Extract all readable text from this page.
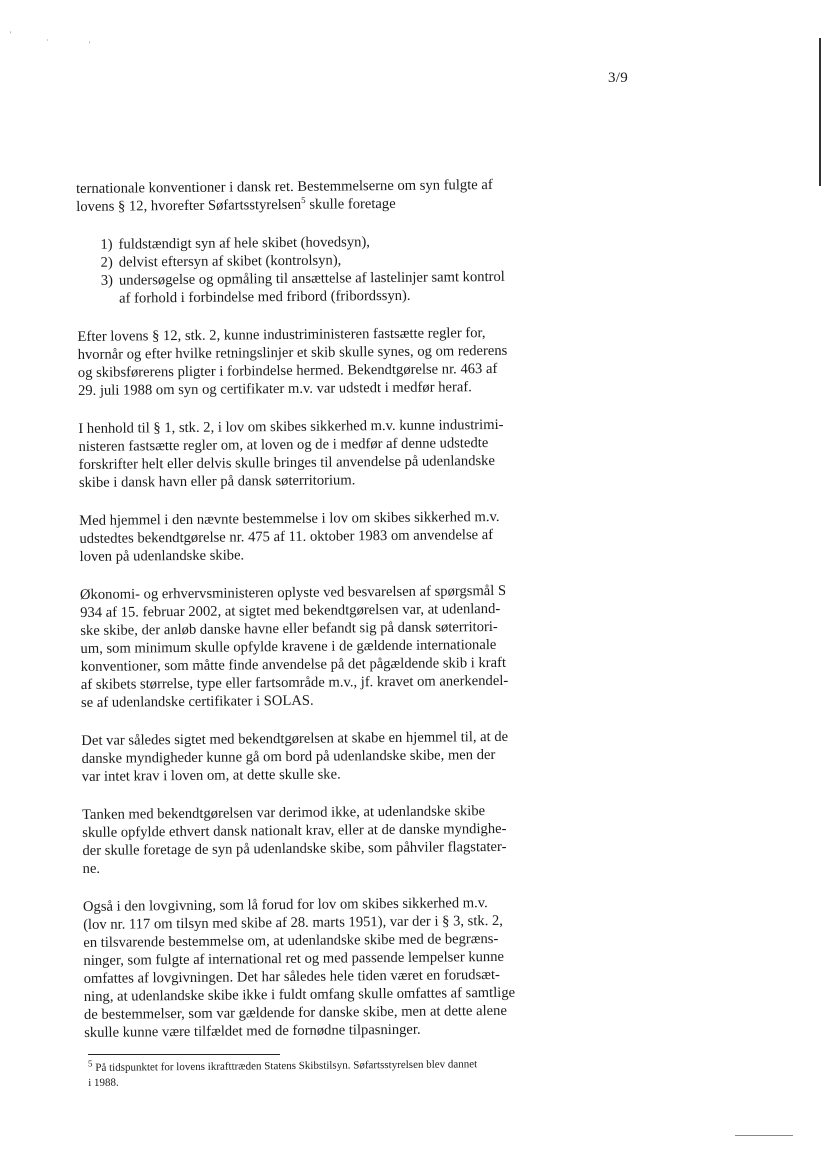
'
·	'
3/9

ternationale konventioner i dansk ret. Bestemmelserne om syn fulgte af
lovens § 12, hvorefter Søfartsstyrelsen$^5$ skulle foretage

1) fuldstændigt syn af hele skibet (hovedsyn),
2) delvist eftersyn af skibet (kontrolsyn),
3) undersøgelse og opmåling til ansættelse af lastelinjer samt kontrol
af forhold i forbindelse med fribord (fribordssyn).

Efter lovens § 12, stk. 2, kunne industriministeren fastsætte regler for,
hvornår og efter hvilke retningslinjer et skib skulle synes, og om rederens
og skibsførerens pligter i forbindelse hermed. Bekendtgørelse nr. 463 af
29. juli 1988 om syn og certifikater m.v. var udstedt i medfør heraf.

I henhold til § 1, stk. 2, i lov om skibes sikkerhed m.v. kunne industrimi-
nisteren fastsætte regler om, at loven og de i medfør af denne udstedte
forskrifter helt eller delvis skulle bringes til anvendelse på udenlandske
skibe i dansk havn eller på dansk søterritorium.

Med hjemmel i den nævnte bestemmelse i lov om skibes sikkerhed m.v.
udstedtes bekendtgørelse nr. 475 af 11. oktober 1983 om anvendelse af
loven på udenlandske skibe.

Økonomi- og erhvervsministeren oplyste ved besvarelsen af spørgsmål S
934 af 15. februar 2002, at sigtet med bekendtgørelsen var, at udenland-
ske skibe, der anløb danske havne eller befandt sig på dansk søterritori-
um, som minimum skulle opfylde kravene i de gældende internationale
konventioner, som måtte finde anvendelse på det pågældende skib i kraft
af skibets størrelse, type eller fartsområde m.v., jf. kravet om anerkendel-
se af udenlandske certifikater i SOLAS.

Det var således sigtet med bekendtgørelsen at skabe en hjemmel til, at de
danske myndigheder kunne gå om bord på udenlandske skibe, men der
var intet krav i loven om, at dette skulle ske.

Tanken med bekendtgørelsen var derimod ikke, at udenlandske skibe
skulle opfylde ethvert dansk nationalt krav, eller at de danske myndighe-
der skulle foretage de syn på udenlandske skibe, som påhviler flagstater-
ne.

Også i den lovgivning, som lå forud for lov om skibes sikkerhed m.v.
(lov nr. 117 om tilsyn med skibe af 28. marts 1951), var der i § 3, stk. 2,
en tilsvarende bestemmelse om, at udenlandske skibe med de begræns-
ninger, som fulgte af international ret og med passende lempelser kunne
omfattes af lovgivningen. Det har således hele tiden været en forudsæt-
ning, at udenlandske skibe ikke i fuldt omfang skulle omfattes af samtlige
de bestemmelser, som var gældende for danske skibe, men at dette alene
skulle kunne være tilfældet med de fornødne tilpasninger.

$^5$ På tidspunktet for lovens ikrafttræden Statens Skibstilsyn. Søfartsstyrelsen blev dannet
i 1988.
